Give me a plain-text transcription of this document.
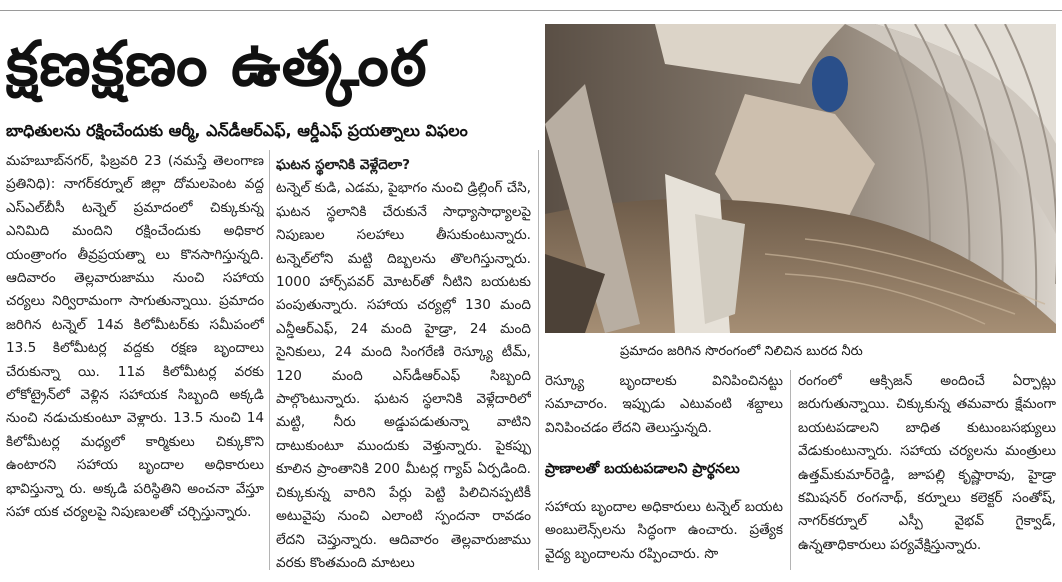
క్షణక్షణం ఉత్కంఠ
బాధితులను రక్షించేందుకు ఆర్మీ, ఎన్‌డీఆర్‌ఎఫ్, ఆర్డీఎఫ్ ప్రయత్నాలు విఫలం
మహబూబ్‌నగర్, ఫిబ్రవరి 23 (నమస్తే తెలంగాణ ప్రతినిధి): నాగర్‌కర్నూల్ జిల్లా దోమలపెంట వద్ద ఎస్‌ఎల్‌బీసీ టన్నెల్ ప్రమాదంలో చిక్కుకున్న ఎనిమిది మందిని రక్షించేందుకు అధికార యంత్రాంగం తీవ్రప్రయత్నా లు కొనసాగిస్తున్నది. ఆదివారం తెల్లవారుజాము నుంచి సహాయ చర్యలు నిర్విరామంగా సాగుతున్నాయి. ప్రమాదం జరిగిన టన్నెల్ 14వ కిలోమీటర్‌కు సమీపంలో 13.5 కిలోమీటర్ల వద్దకు రక్షణ బృందాలు చేరుకున్నా యి. 11వ కిలోమీటర్ల వరకు లోకోట్రైన్‌లో వెళ్లిన సహాయక సిబ్బంది అక్కడి నుంచి నడుచుకుంటూ వెళ్లారు. 13.5 నుంచి 14 కిలోమీటర్ల మధ్యలో కార్మికులు చిక్కుకొని ఉంటారని సహాయ బృందాల అధికారులు భావిస్తున్నా రు. అక్కడి పరిస్థితిని అంచనా వేస్తూ సహా యక చర్యలపై నిపుణులతో చర్చిస్తున్నారు.
ఘటన స్థలానికి వెళ్లేదెలా?
టన్నెల్ కుడి, ఎడమ, పైభాగం నుంచి డ్రిల్లింగ్ చేసి, ఘటన స్థలానికి చేరుకునే సాధ్యాసాధ్యాలపై నిపుణుల సలహాలు తీసుకుంటున్నారు. టన్నెల్‌లోని మట్టి దిబ్బలను తొలగిస్తున్నారు. 1000 హార్స్‌పవర్ మోటర్‌తో నీటిని బయటకు పంపుతున్నారు. సహాయ చర్యల్లో 130 మంది ఎన్డీఆర్‌ఎఫ్, 24 మంది హైడ్రా, 24 మంది సైనికులు, 24 మంది సింగరేణి రెస్క్యూ టీమ్, 120 మంది ఎస్‌డీఆర్‌ఎఫ్ సిబ్బంది పాల్గొంటున్నారు. ఘటన స్థలానికి వెళ్లేదారిలో మట్టి, నీరు అడ్డుపడుతున్నా వాటిని దాటుకుంటూ ముందుకు వెళ్తున్నారు. పైకప్పు కూలిన ప్రాంతానికి 200 మీటర్ల గ్యాప్ ఏర్పడింది. చిక్కుకున్న వారిని పేర్లు పెట్టి పిలిచినప్పటికీ అటువైపు నుంచి ఎలాంటి స్పందనా రావడం లేదని చెప్తున్నారు. ఆదివారం తెల్లవారుజాము వరకు కొంతమంది మాటలు
ప్రమాదం జరిగిన సొరంగంలో నిలిచిన బురద నీరు
రెస్క్యూ బృందాలకు వినిపించినట్టు సమాచారం. ఇప్పుడు ఎటువంటి శబ్దాలు వినిపించడం లేదని తెలుస్తున్నది.
ప్రాణాలతో బయటపడాలని ప్రార్థనలు
సహాయ బృందాల అధికారులు టన్నెల్ బయట అంబులెన్స్‌లను సిద్ధంగా ఉంచారు. ప్రత్యేక వైద్య బృందాలను రప్పించారు. సొ
రంగంలో ఆక్సిజన్ అందించే ఏర్పాట్లు జరుగుతున్నాయి. చిక్కుకున్న తమవారు క్షేమంగా బయటపడాలని బాధిత కుటుంబసభ్యులు వేడుకుంటున్నారు. సహాయ చర్యలను మంత్రులు ఉత్తమ్‌కుమార్‌రెడ్డి, జూపల్లి కృష్ణారావు, హైడ్రా కమిషనర్ రంగనాథ్, కర్నూలు కలెక్టర్ సంతోష్, నాగర్‌కర్నూల్ ఎస్పీ వైభవ్ గైక్వాడ్, ఉన్నతాధికారులు పర్యవేక్షిస్తున్నారు.
